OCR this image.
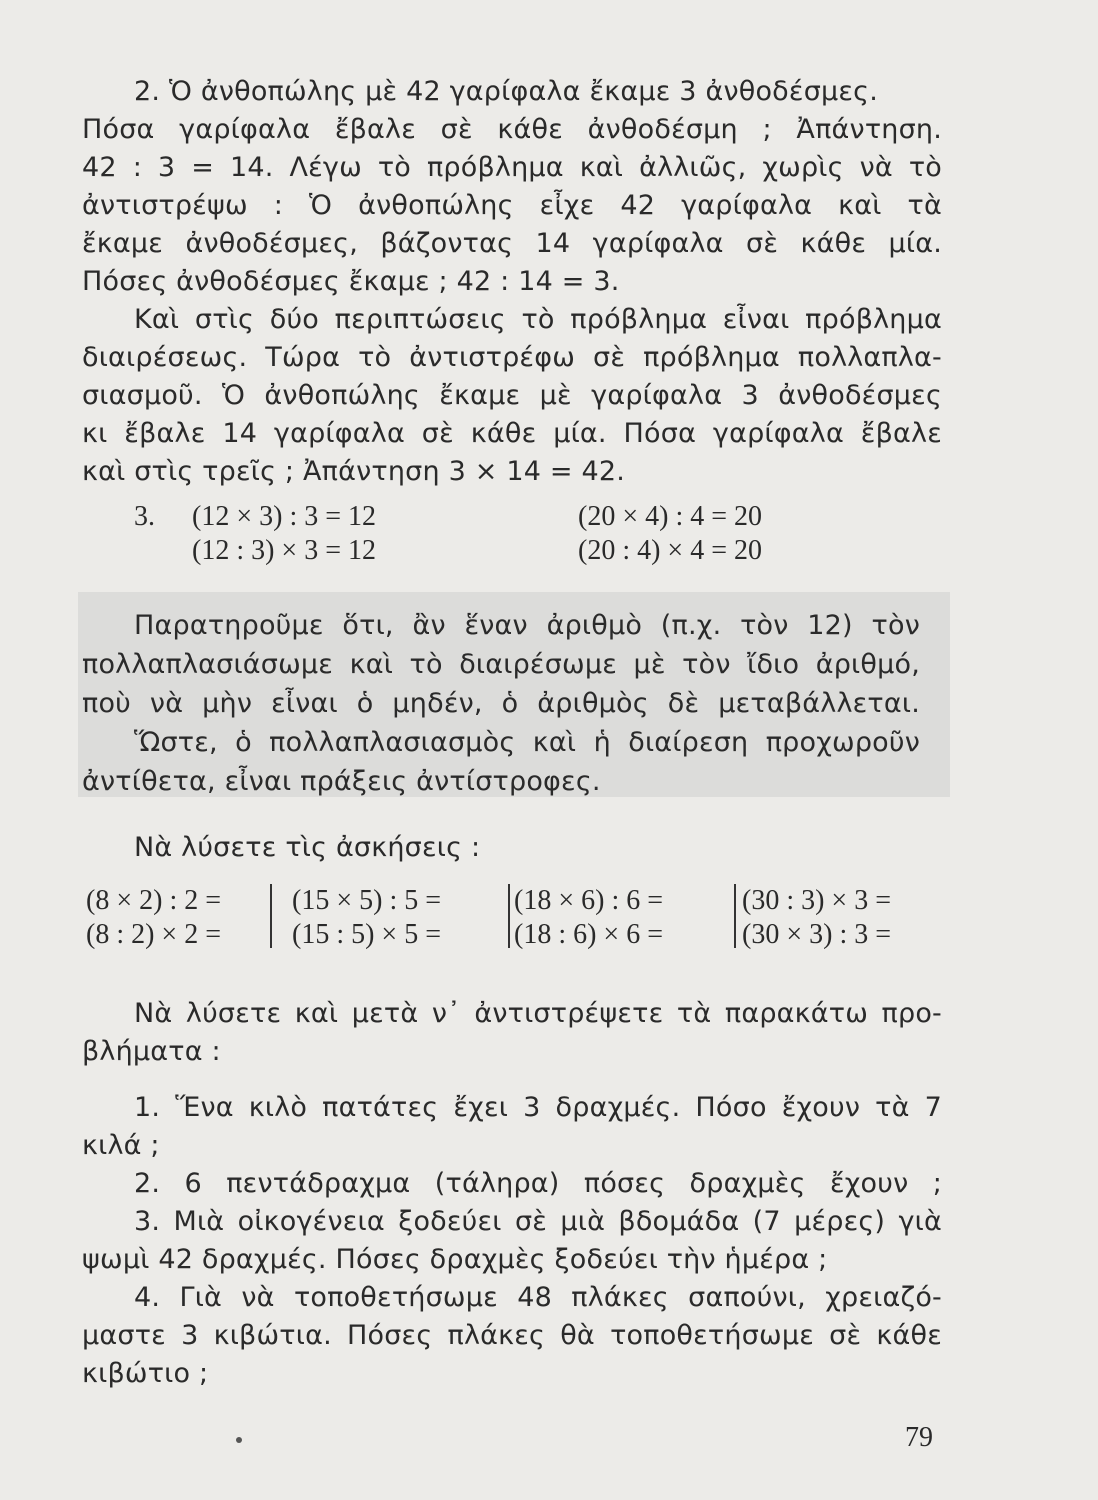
2. Ὁ ἀνθοπώλης μὲ 42 γαρίφαλα ἔκαμε 3 ἀνθοδέσμες.
Πόσα γαρίφαλα ἔβαλε σὲ κάθε ἀνθοδέσμη ; Ἀπάντηση.
42 : 3 = 14. Λέγω τὸ πρόβλημα καὶ ἀλλιῶς, χωρὶς νὰ τὸ
ἀντιστρέψω : Ὁ ἀνθοπώλης εἶχε 42 γαρίφαλα καὶ τὰ
ἔκαμε ἀνθοδέσμες, βάζοντας 14 γαρίφαλα σὲ κάθε μία.
Πόσες ἀνθοδέσμες ἔκαμε ; 42 : 14 = 3.
Καὶ στὶς δύο περιπτώσεις τὸ πρόβλημα εἶναι πρόβλημα
διαιρέσεως. Τώρα τὸ ἀντιστρέφω σὲ πρόβλημα πολλαπλα-
σιασμοῦ. Ὁ ἀνθοπώλης ἔκαμε μὲ γαρίφαλα 3 ἀνθοδέσμες
κι ἔβαλε 14 γαρίφαλα σὲ κάθε μία. Πόσα γαρίφαλα ἔβαλε
καὶ στὶς τρεῖς ; Ἀπάντηση 3 × 14 = 42.
3. (12 × 3) : 3 = 12
(12 : 3) × 3 = 12
(20 × 4) : 4 = 20
(20 : 4) × 4 = 20
Παρατηροῦμε ὅτι, ἂν ἕναν ἀριθμὸ (π.χ. τὸν 12) τὸν
πολλαπλασιάσωμε καὶ τὸ διαιρέσωμε μὲ τὸν ἴδιο ἀριθμό,
ποὺ νὰ μὴν εἶναι ὁ μηδέν, ὁ ἀριθμὸς δὲ μεταβάλλεται.
Ὥστε, ὁ πολλαπλασιασμὸς καὶ ἡ διαίρεση προχωροῦν
ἀντίθετα, εἶναι πράξεις ἀντίστροφες.
Νὰ λύσετε τὶς ἀσκήσεις :
(8 × 2) : 2 =
(8 : 2) × 2 =
(15 × 5) : 5 =
(15 : 5) × 5 =
(18 × 6) : 6 =
(18 : 6) × 6 =
(30 : 3) × 3 =
(30 × 3) : 3 =
Νὰ λύσετε καὶ μετὰ ν᾿ ἀντιστρέψετε τὰ παρακάτω προ-
βλήματα :
1. Ἕνα κιλὸ πατάτες ἔχει 3 δραχμές. Πόσο ἔχουν τὰ 7
κιλά ;
2. 6 πεντάδραχμα (τάληρα) πόσες δραχμὲς ἔχουν ;
3. Μιὰ οἰκογένεια ξοδεύει σὲ μιὰ βδομάδα (7 μέρες) γιὰ
ψωμὶ 42 δραχμές. Πόσες δραχμὲς ξοδεύει τὴν ἡμέρα ;
4. Γιὰ νὰ τοποθετήσωμε 48 πλάκες σαπούνι, χρειαζό-
μαστε 3 κιβώτια. Πόσες πλάκες θὰ τοποθετήσωμε σὲ κάθε
κιβώτιο ;
79
